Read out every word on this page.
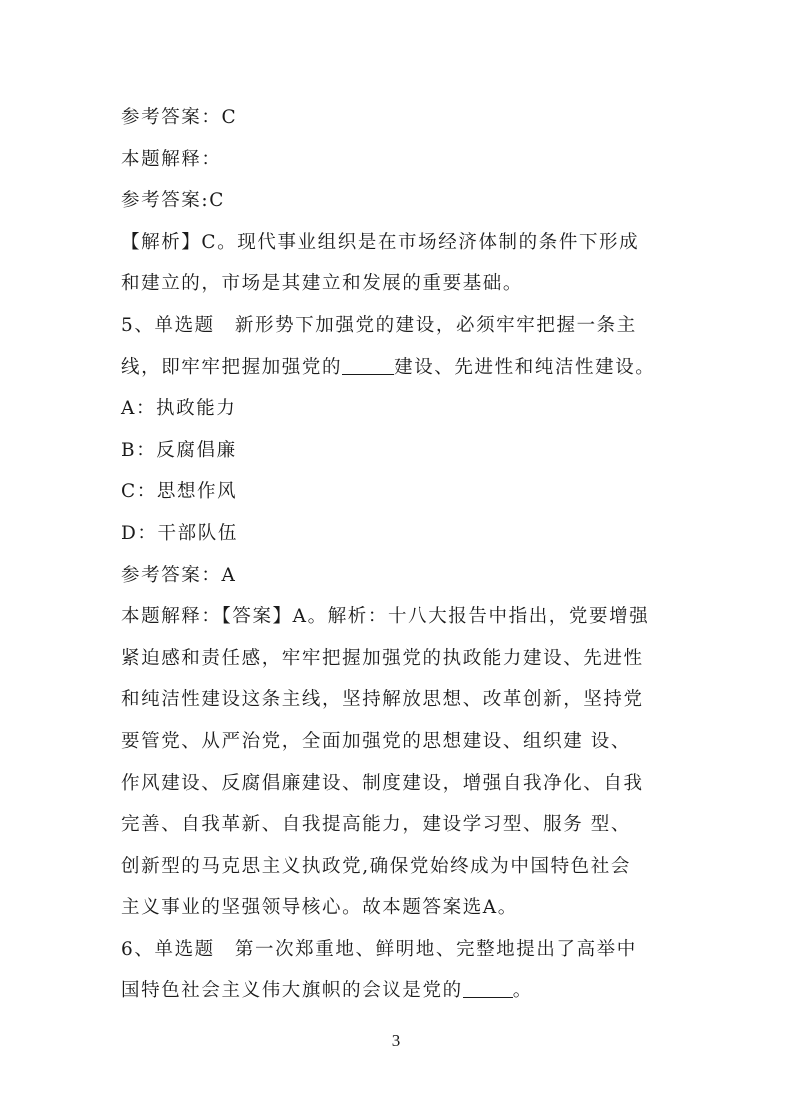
参考答案：C
本题解释：
参考答案:C
【解析】C。现代事业组织是在市场经济体制的条件下形成
和建立的，市场是其建立和发展的重要基础。
5、单选题　新形势下加强党的建设，必须牢牢把握一条主
线，即牢牢把握加强党的	建设、先进性和纯洁性建设。
A：执政能力
B：反腐倡廉
C：思想作风
D：干部队伍
参考答案：A
本题解释：【答案】A。解析：十八大报告中指出，党要增强
紧迫感和责任感，牢牢把握加强党的执政能力建设、先进性
和纯洁性建设这条主线，坚持解放思想、改革创新，坚持党
要管党、从严治党，全面加强党的思想建设、组织建 设、
作风建设、反腐倡廉建设、制度建设，增强自我净化、自我
完善、自我革新、自我提高能力，建设学习型、服务 型、
创新型的马克思主义执政党,确保党始终成为中国特色社会
主义事业的坚强领导核心。故本题答案选A。
6、单选题　第一次郑重地、鲜明地、完整地提出了高举中
国特色社会主义伟大旗帜的会议是党的	。
3
